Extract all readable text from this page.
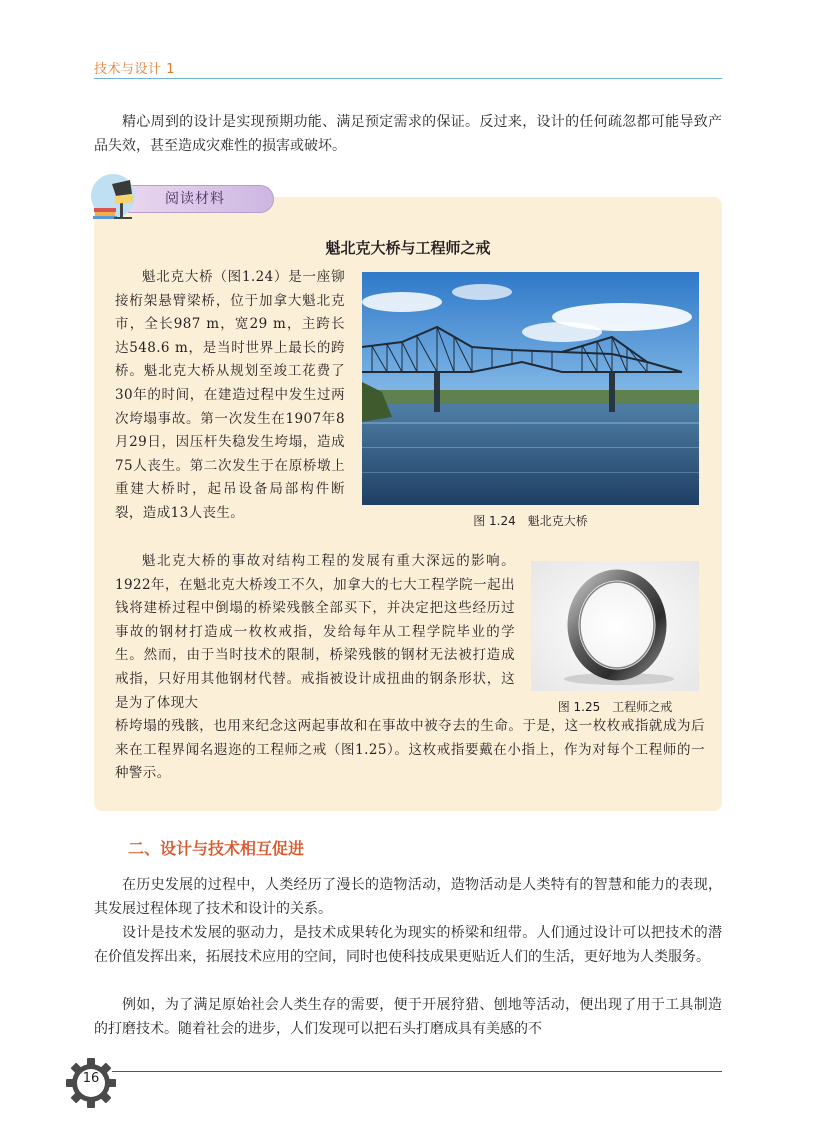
技术与设计 1

精心周到的设计是实现预期功能、满足预定需求的保证。反过来，设计的任何疏忽都可能导致产品失效，甚至造成灾难性的损害或破坏。

阅读材料
魁北克大桥与工程师之戒

魁北克大桥（图1.24）是一座铆接桁架悬臂梁桥，位于加拿大魁北克市，全长987 m，宽29 m，主跨长达548.6 m，是当时世界上最长的跨桥。魁北克大桥从规划至竣工花费了30年的时间，在建造过程中发生过两次垮塌事故。第一次发生在1907年8月29日，因压杆失稳发生垮塌，造成75人丧生。第二次发生于在原桥墩上重建大桥时，起吊设备局部构件断裂，造成13人丧生。

图 1.24　魁北克大桥

魁北克大桥的事故对结构工程的发展有重大深远的影响。1922年，在魁北克大桥竣工不久，加拿大的七大工程学院一起出钱将建桥过程中倒塌的桥梁残骸全部买下，并决定把这些经历过事故的钢材打造成一枚枚戒指，发给每年从工程学院毕业的学生。然而，由于当时技术的限制，桥梁残骸的钢材无法被打造成戒指，只好用其他钢材代替。戒指被设计成扭曲的钢条形状，这是为了体现大	图 1.25　工程师之戒

桥垮塌的残骸，也用来纪念这两起事故和在事故中被夺去的生命。于是，这一枚枚戒指就成为后来在工程界闻名遐迩的工程师之戒（图1.25）。这枚戒指要戴在小指上，作为对每个工程师的一种警示。

二、设计与技术相互促进

在历史发展的过程中，人类经历了漫长的造物活动，造物活动是人类特有的智慧和能力的表现，其发展过程体现了技术和设计的关系。

设计是技术发展的驱动力，是技术成果转化为现实的桥梁和纽带。人们通过设计可以把技术的潜在价值发挥出来，拓展技术应用的空间，同时也使科技成果更贴近人们的生活，更好地为人类服务。

例如，为了满足原始社会人类生存的需要，便于开展狩猎、刨地等活动，便出现了用于工具制造的打磨技术。随着社会的进步，人们发现可以把石头打磨成具有美感的不

16
